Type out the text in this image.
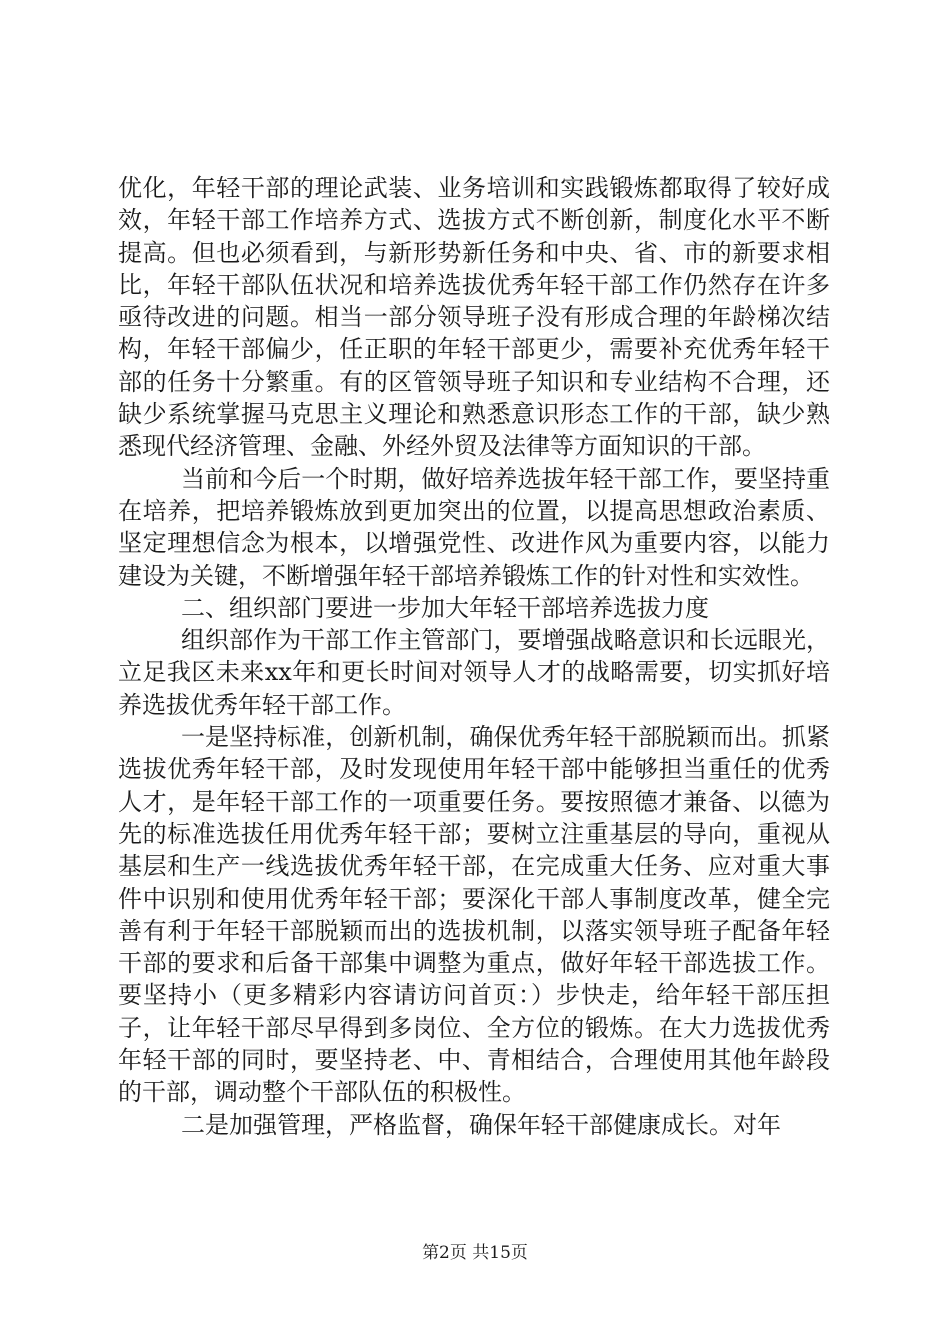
优化，年轻干部的理论武装、业务培训和实践锻炼都取得了较好成效，年轻干部工作培养方式、选拔方式不断创新，制度化水平不断提高。但也必须看到，与新形势新任务和中央、省、市的新要求相比，年轻干部队伍状况和培养选拔优秀年轻干部工作仍然存在许多亟待改进的问题。相当一部分领导班子没有形成合理的年龄梯次结构，年轻干部偏少，任正职的年轻干部更少，需要补充优秀年轻干部的任务十分繁重。有的区管领导班子知识和专业结构不合理，还缺少系统掌握马克思主义理论和熟悉意识形态工作的干部，缺少熟悉现代经济管理、金融、外经外贸及法律等方面知识的干部。

当前和今后一个时期，做好培养选拔年轻干部工作，要坚持重在培养，把培养锻炼放到更加突出的位置，以提高思想政治素质、坚定理想信念为根本，以增强党性、改进作风为重要内容，以能力建设为关键，不断增强年轻干部培养锻炼工作的针对性和实效性。

二、组织部门要进一步加大年轻干部培养选拔力度

组织部作为干部工作主管部门，要增强战略意识和长远眼光，立足我区未来xx年和更长时间对领导人才的战略需要，切实抓好培养选拔优秀年轻干部工作。

一是坚持标准，创新机制，确保优秀年轻干部脱颖而出。抓紧选拔优秀年轻干部，及时发现使用年轻干部中能够担当重任的优秀人才，是年轻干部工作的一项重要任务。要按照德才兼备、以德为先的标准选拔任用优秀年轻干部；要树立注重基层的导向，重视从基层和生产一线选拔优秀年轻干部，在完成重大任务、应对重大事件中识别和使用优秀年轻干部；要深化干部人事制度改革，健全完善有利于年轻干部脱颖而出的选拔机制，以落实领导班子配备年轻干部的要求和后备干部集中调整为重点，做好年轻干部选拔工作。要坚持小（更多精彩内容请访问首页：）步快走，给年轻干部压担子，让年轻干部尽早得到多岗位、全方位的锻炼。在大力选拔优秀年轻干部的同时，要坚持老、中、青相结合，合理使用其他年龄段的干部，调动整个干部队伍的积极性。

二是加强管理，严格监督，确保年轻干部健康成长。对年

第2页 共15页
